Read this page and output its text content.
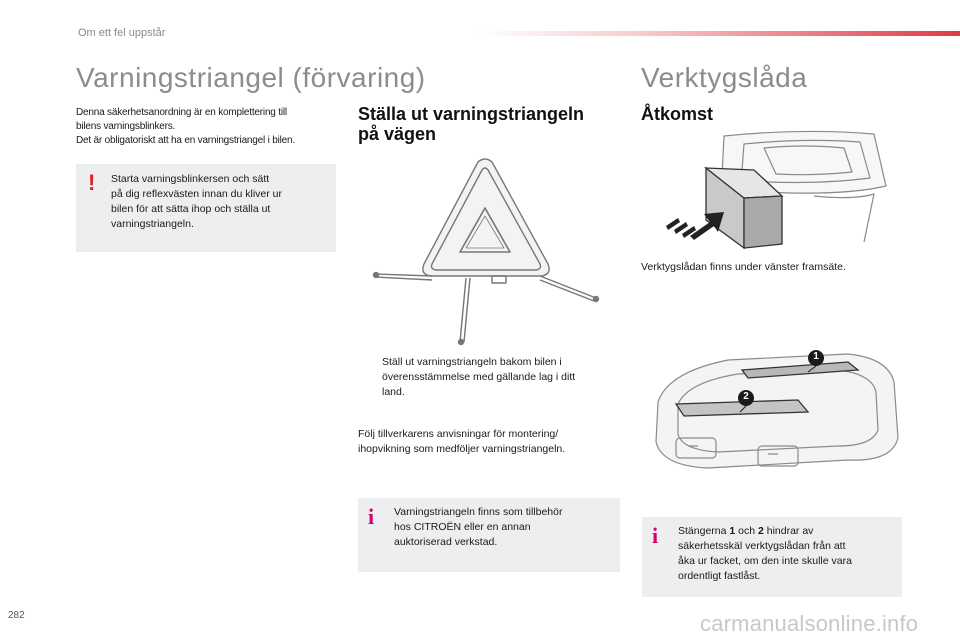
Om ett fel uppstår
Varningstriangel (förvaring)
Denna säkerhetsanordning är en komplettering till
bilens varningsblinkers.
Det är obligatoriskt att ha en varningstriangel i bilen.
! Starta varningsblinkersen och sätt
på dig reflexvästen innan du kliver ur
bilen för att sätta ihop och ställa ut
varningstriangeln.
Ställa ut varningstriangeln
på vägen
Ställ ut varningstriangeln bakom bilen i
överensstämmelse med gällande lag i ditt
land.
Följ tillverkarens anvisningar för montering/
ihopvikning som medföljer varningstriangeln.
i Varningstriangeln finns som tillbehör
hos CITROËN eller en annan
auktoriserad verkstad.
Verktygslåda
Åtkomst
Verktygslådan finns under vänster framsäte.
1
2
i Stängerna 1 och 2 hindrar av
säkerhetsskäl verktygslådan från att
åka ur facket, om den inte skulle vara
ordentligt fastlåst.
282	carmanualsonline.info
